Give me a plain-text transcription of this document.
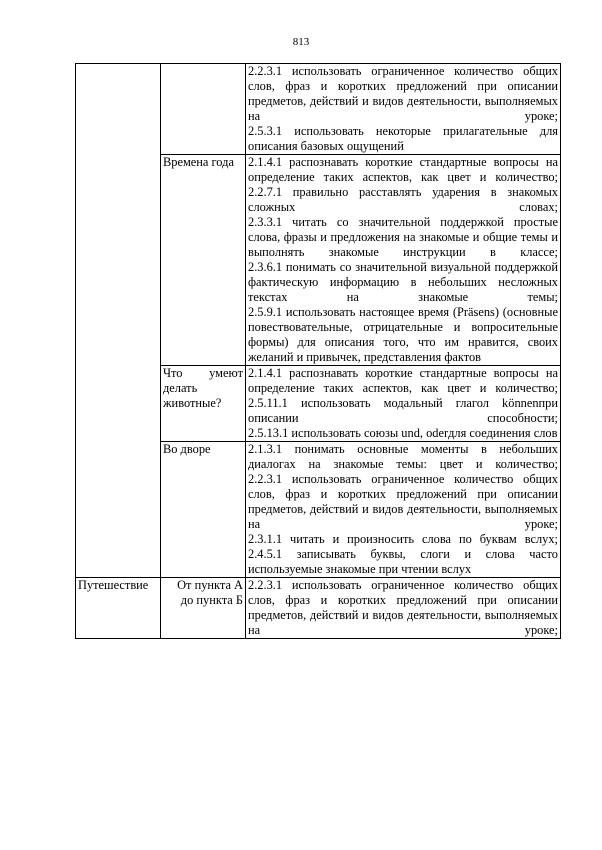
813

		2.2.3.1 использовать ограниченное количество общих слов, фраз и коротких предложений при описании предметов, действий и видов деятельности, выполняемых на уроке;

2.5.3.1 использовать некоторые прилагательные для описания базовых ощущений

	Времена года	2.1.4.1 распознавать короткие стандартные вопросы на определение таких аспектов, как цвет и количество;

2.2.7.1 правильно расставлять ударения в знакомых сложных словах;

2.3.3.1 читать со значительной поддержкой простые слова, фразы и предложения на знакомые и общие темы и выполнять знакомые инструкции в классе;

2.3.6.1 понимать со значительной визуальной поддержкой фактическую информацию в небольших несложных текстах на знакомые темы;

2.5.9.1 использовать настоящее время (Präsens) (основные повествовательные, отрицательные и вопросительные формы) для описания того, что им нравится, своих желаний и привычек, представления фактов

	Что умеют делать животные?	2.1.4.1 распознавать короткие стандартные вопросы на определение таких аспектов, как цвет и количество;

2.5.11.1 использовать модальный глагол könnenпри описании способности;

2.5.13.1 использовать союзы und, oderдля соединения слов

	Во дворе	2.1.3.1 понимать основные моменты в небольших диалогах на знакомые темы: цвет и количество;

2.2.3.1 использовать ограниченное количество общих слов, фраз и коротких предложений при описании предметов, действий и видов деятельности, выполняемых на уроке;

2.3.1.1 читать и произносить слова по буквам вслух;

2.4.5.1 записывать буквы, слоги и слова часто используемые знакомые при чтении вслух

Путешествие	От пункта А до пункта Б	2.2.3.1 использовать ограниченное количество общих слов, фраз и коротких предложений при описании предметов, действий и видов деятельности, выполняемых на уроке;
